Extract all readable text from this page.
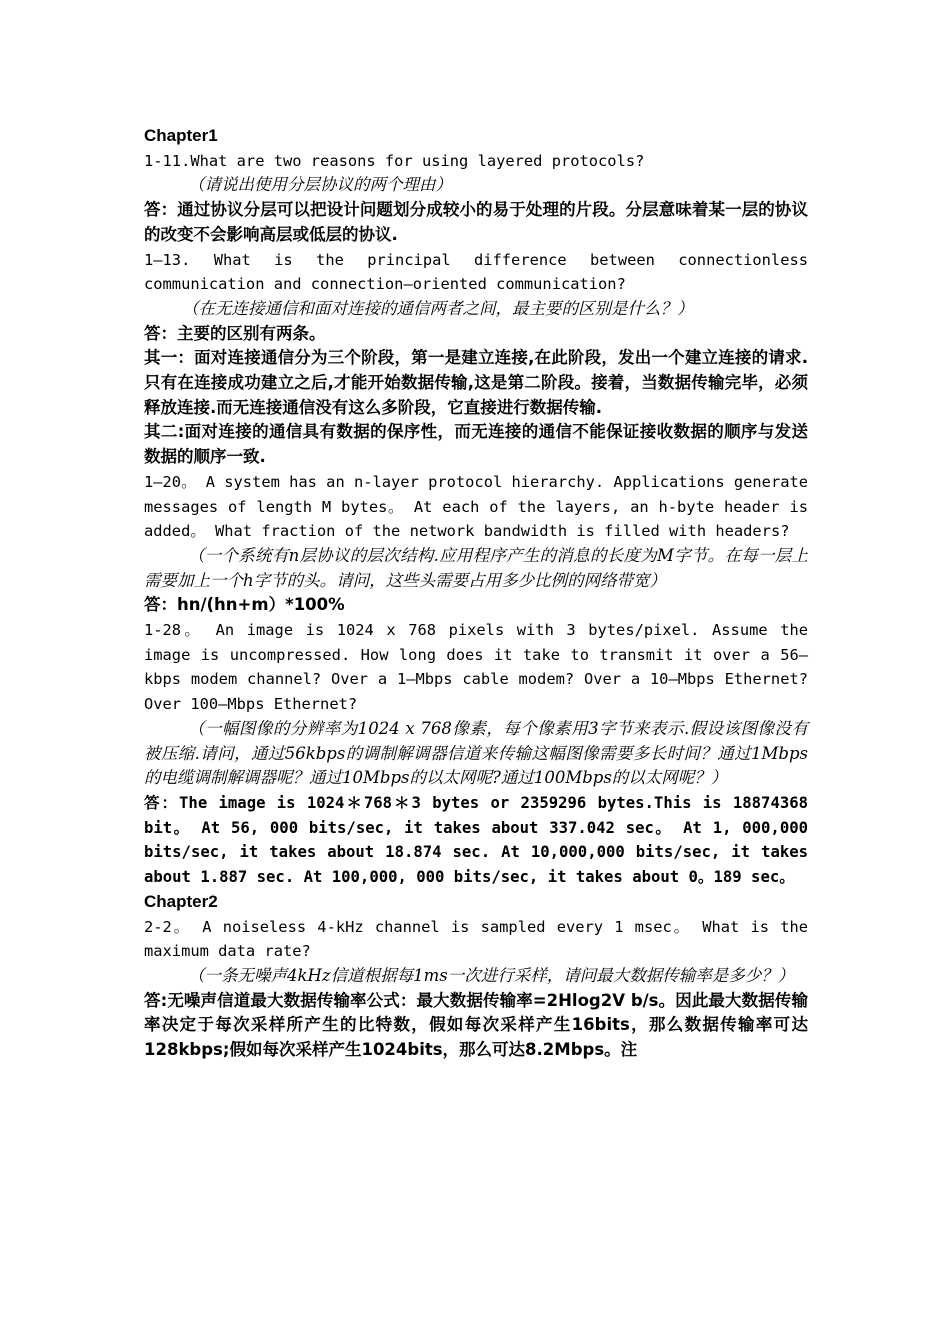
Chapter1
1-11.What are two reasons for using layered protocols?
（请说出使用分层协议的两个理由）
答：通过协议分层可以把设计问题划分成较小的易于处理的片段。分层意味着某一层的协议的改变不会影响高层或低层的协议.
1—13. What is the principal difference between connectionless communication and connection—oriented communication?
（在无连接通信和面对连接的通信两者之间，最主要的区别是什么？）
答：主要的区别有两条。
其一：面对连接通信分为三个阶段，第一是建立连接,在此阶段，发出一个建立连接的请求.只有在连接成功建立之后,才能开始数据传输,这是第二阶段。接着，当数据传输完毕，必须释放连接.而无连接通信没有这么多阶段，它直接进行数据传输.
其二:面对连接的通信具有数据的保序性，而无连接的通信不能保证接收数据的顺序与发送数据的顺序一致.
1—20。 A system has an n-layer protocol hierarchy. Applications generate messages of length M bytes。 At each of the layers, an h-byte header is added。 What fraction of the network bandwidth is filled with headers?
（一个系统有n层协议的层次结构.应用程序产生的消息的长度为M字节。在每一层上需要加上一个h字节的头。请问，这些头需要占用多少比例的网络带宽）
答：hn/(hn+m）*100%
1-28。 An image is 1024 x 768 pixels with 3 bytes/pixel. Assume the image is uncompressed. How long does it take to transmit it over a 56—kbps modem channel? Over a 1—Mbps cable modem? Over a 10—Mbps Ethernet? Over 100—Mbps Ethernet?
（一幅图像的分辨率为1024 x 768像素，每个像素用3字节来表示.假设该图像没有被压缩.请问，通过56kbps的调制解调器信道来传输这幅图像需要多长时间？通过1Mbps的电缆调制解调器呢？通过10Mbps的以太网呢?通过100Mbps的以太网呢？）
答：The image is 1024＊768＊3 bytes or 2359296 bytes.This is 18874368 bit。 At 56, 000 bits/sec, it takes about 337.042 sec。 At 1, 000,000 bits/sec, it takes about 18.874 sec. At 10,000,000 bits/sec, it takes about 1.887 sec. At 100,000, 000 bits/sec, it takes about 0。189 sec。
Chapter2
2-2。 A noiseless 4-kHz channel is sampled every 1 msec。 What is the maximum data rate?
（一条无噪声4kHz信道根据每1ms一次进行采样，请问最大数据传输率是多少？）
答:无噪声信道最大数据传输率公式：最大数据传输率=2Hlog2V b/s。因此最大数据传输率决定于每次采样所产生的比特数，假如每次采样产生16bits，那么数据传输率可达128kbps;假如每次采样产生1024bits，那么可达8.2Mbps。注
